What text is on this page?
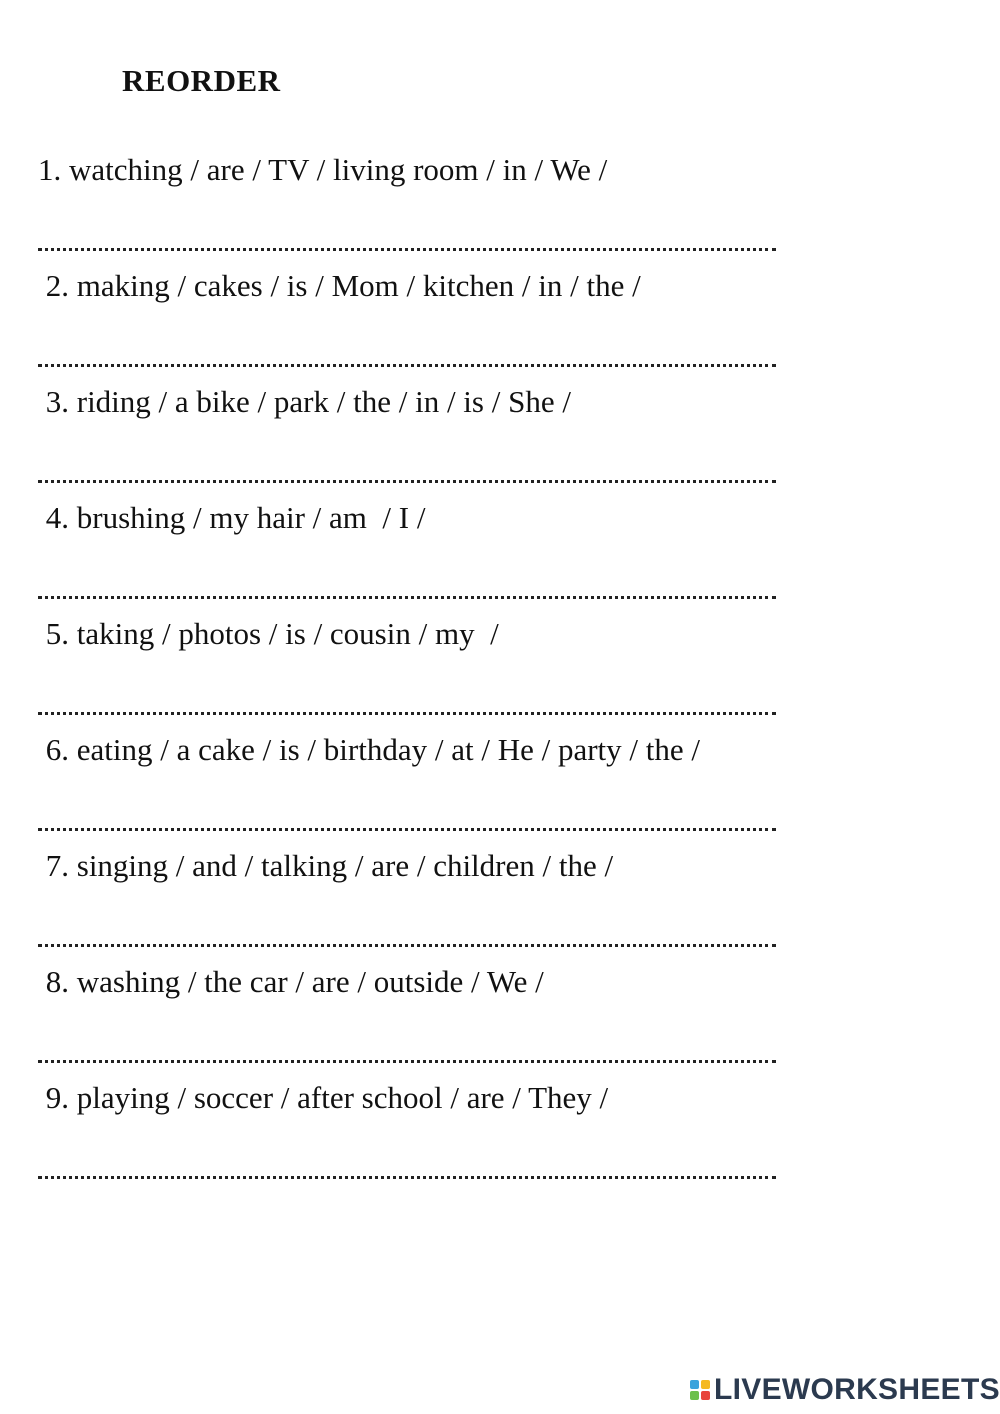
REORDER
1. watching / are / TV / living room / in / We /
2. making / cakes / is / Mom / kitchen / in / the /
3. riding / a bike / park / the / in / is / She /
4. brushing / my hair / am  / I /
5. taking / photos / is / cousin / my  /
6. eating / a cake / is / birthday / at / He / party / the /
7. singing / and / talking / are / children / the /
8. washing / the car / are / outside / We /
9. playing / soccer / after school / are / They /
LIVEWORKSHEETS
